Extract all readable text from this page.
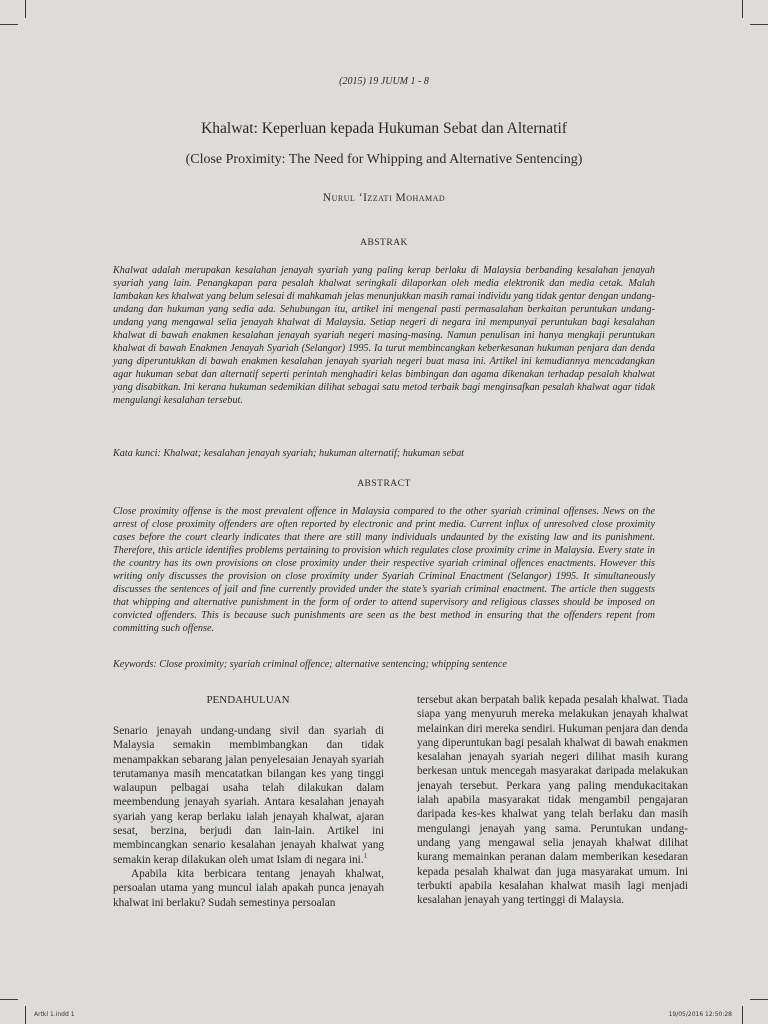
(2015) 19 JUUM 1 - 8
Khalwat: Keperluan kepada Hukuman Sebat dan Alternatif
(Close Proximity: The Need for Whipping and Alternative Sentencing)
Nurul ‘Izzati Mohamad
ABSTRAK

Khalwat adalah merupakan kesalahan jenayah syariah yang paling kerap berlaku di Malaysia berbanding kesalahan jenayah syariah yang lain. Penangkapan para pesalah khalwat seringkali dilaporkan oleh media elektronik dan media cetak. Malah lambakan kes khalwat yang belum selesai di mahkamah jelas menunjukkan masih ramai individu yang tidak gentar dengan undang-undang dan hukuman yang sedia ada. Sehubungan itu, artikel ini mengenal pasti permasalahan berkaitan peruntukan undang-undang yang mengawal selia jenayah khalwat di Malaysia. Setiap negeri di negara ini mempunyai peruntukan bagi kesalahan khalwat di bawah enakmen kesalahan jenayah syariah negeri masing-masing. Namun penulisan ini hanya mengkaji peruntukan khalwat di bawah Enakmen Jenayah Syariah (Selangor) 1995. Ia turut membincangkan keberkesanan hukuman penjara dan denda yang diperuntukkan di bawah enakmen kesalahan jenayah syariah negeri buat masa ini. Artikel ini kemudiannya mencadangkan agar hukuman sebat dan alternatif seperti perintah menghadiri kelas bimbingan dan agama dikenakan terhadap pesalah khalwat yang disabitkan. Ini kerana hukuman sedemikian dilihat sebagai satu metod terbaik bagi menginsafkan pesalah khalwat agar tidak mengulangi kesalahan tersebut.

Kata kunci: Khalwat; kesalahan jenayah syariah; hukuman alternatif; hukuman sebat

ABSTRACT

Close proximity offense is the most prevalent offence in Malaysia compared to the other syariah criminal offenses. News on the arrest of close proximity offenders are often reported by electronic and print media. Current influx of unresolved close proximity cases before the court clearly indicates that there are still many individuals undaunted by the existing law and its punishment. Therefore, this article identifies problems pertaining to provision which regulates close proximity crime in Malaysia. Every state in the country has its own provisions on close proximity under their respective syariah criminal offences enactments. However this writing only discusses the provision on close proximity under Syariah Criminal Enactment (Selangor) 1995. It simultaneously discusses the sentences of jail and fine currently provided under the state’s syariah criminal enactment. The article then suggests that whipping and alternative punishment in the form of order to attend supervisory and religious classes should be imposed on convicted offenders. This is because such punishments are seen as the best method in ensuring that the offenders repent from committing such offense.

Keywords: Close proximity; syariah criminal offence; alternative sentencing; whipping sentence

PENDAHULUAN

Senario jenayah undang-undang sivil dan syariah di Malaysia semakin membimbangkan dan tidak menampakkan sebarang jalan penyelesaian Jenayah syariah terutamanya masih mencatatkan bilangan kes yang tinggi walaupun pelbagai usaha telah dilakukan dalam meembendung jenayah syariah. Antara kesalahan jenayah syariah yang kerap berlaku ialah jenayah khalwat, ajaran sesat, berzina, berjudi dan lain-lain. Artikel ini membincangkan senario kesalahan jenayah khalwat yang semakin kerap dilakukan oleh umat Islam di negara ini.$^1$

Apabila kita berbicara tentang jenayah khalwat, persoalan utama yang muncul ialah apakah punca jenayah khalwat ini berlaku? Sudah semestinya persoalan

tersebut akan berpatah balik kepada pesalah khalwat. Tiada siapa yang menyuruh mereka melakukan jenayah khalwat melainkan diri mereka sendiri. Hukuman penjara dan denda yang diperuntukan bagi pesalah khalwat di bawah enakmen kesalahan jenayah syariah negeri dilihat masih kurang berkesan untuk mencegah masyarakat daripada melakukan jenayah tersebut. Perkara yang paling mendukacitakan ialah apabila masyarakat tidak mengambil pengajaran daripada kes-kes khalwat yang telah berlaku dan masih mengulangi jenayah yang sama. Peruntukan undang-undang yang mengawal selia jenayah khalwat dilihat kurang memainkan peranan dalam memberikan kesedaran kepada pesalah khalwat dan juga masyarakat umum. Ini terbukti apabila kesalahan khalwat masih lagi menjadi kesalahan jenayah yang tertinggi di Malaysia.

Artkl 1.indd 1	19/05/2016 12:50:28
